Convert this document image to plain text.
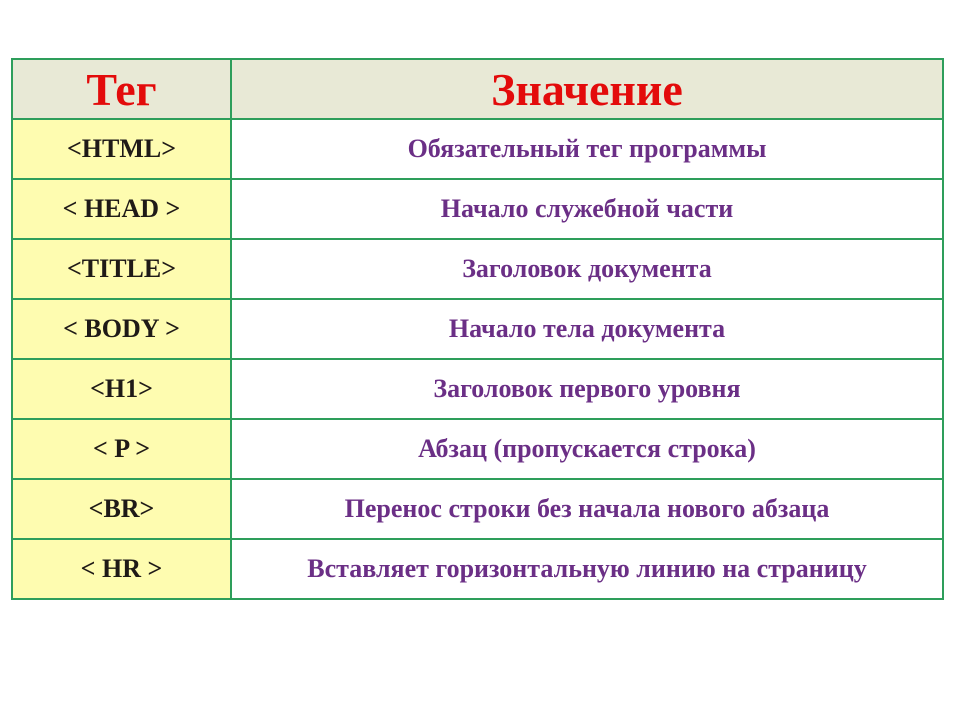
Тег	Значение
<HTML>	Обязательный тег программы
< HEAD >	Начало служебной части
<TITLE>	Заголовок документа
< BODY >	Начало тела документа
<H1>	Заголовок первого уровня
< P >	Абзац (пропускается строка)
<BR>	Перенос строки без начала нового абзаца
< HR >	Вставляет горизонтальную линию на страницу
